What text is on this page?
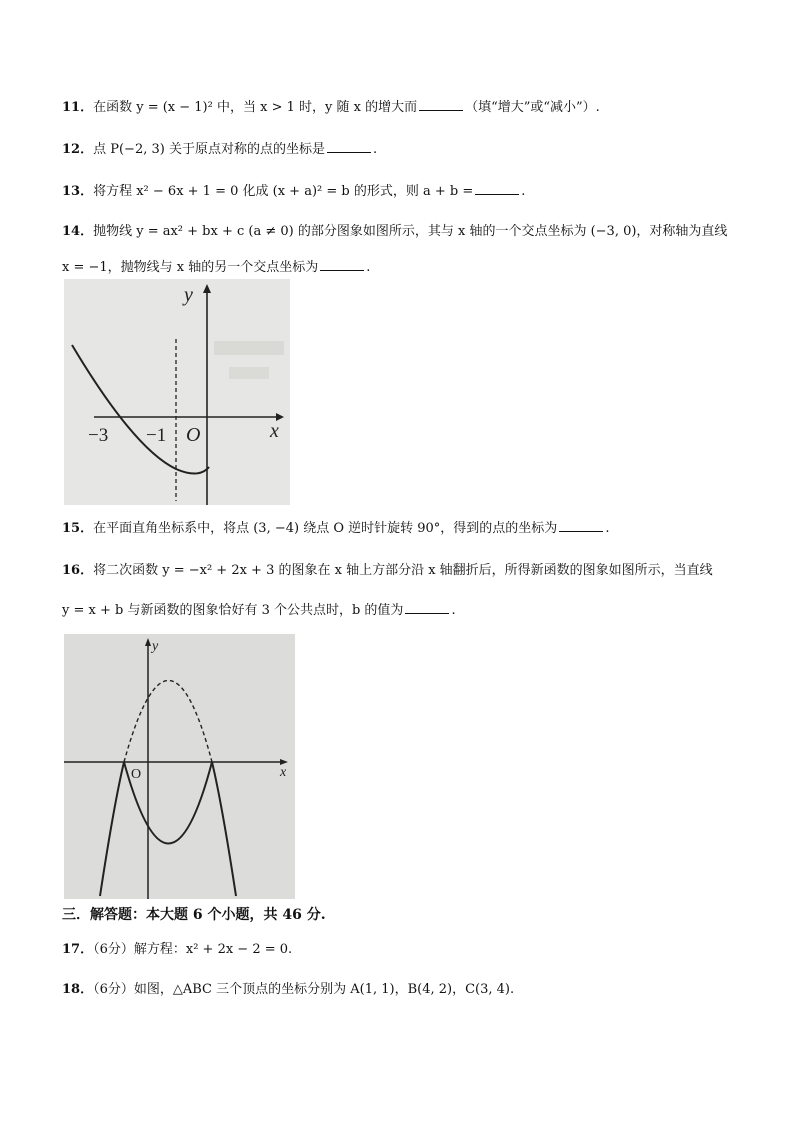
11．在函数 y = (x − 1)² 中，当 x > 1 时，y 随 x 的增大而	（填“增大”或“减小”）.
12．点 P(−2, 3) 关于原点对称的点的坐标是	.
13．将方程 x² − 6x + 1 = 0 化成 (x + a)² = b 的形式，则 a + b =	.
14．抛物线 y = ax² + bx + c (a ≠ 0) 的部分图象如图所示，其与 x 轴的一个交点坐标为 (−3, 0)，对称轴为直线
x = −1，抛物线与 x 轴的另一个交点坐标为	.
y
x
−3 −1 O
15．在平面直角坐标系中，将点 (3, −4) 绕点 O 逆时针旋转 90°，得到的点的坐标为	.
16．将二次函数 y = −x² + 2x + 3 的图象在 x 轴上方部分沿 x 轴翻折后，所得新函数的图象如图所示，当直线
y = x + b 与新函数的图象恰好有 3 个公共点时，b 的值为	.
y
x
O
三．解答题：本大题 6 个小题，共 46 分.
17．（6分）解方程：x² + 2x − 2 = 0.
18．（6分）如图，△ABC 三个顶点的坐标分别为 A(1, 1)，B(4, 2)，C(3, 4).
